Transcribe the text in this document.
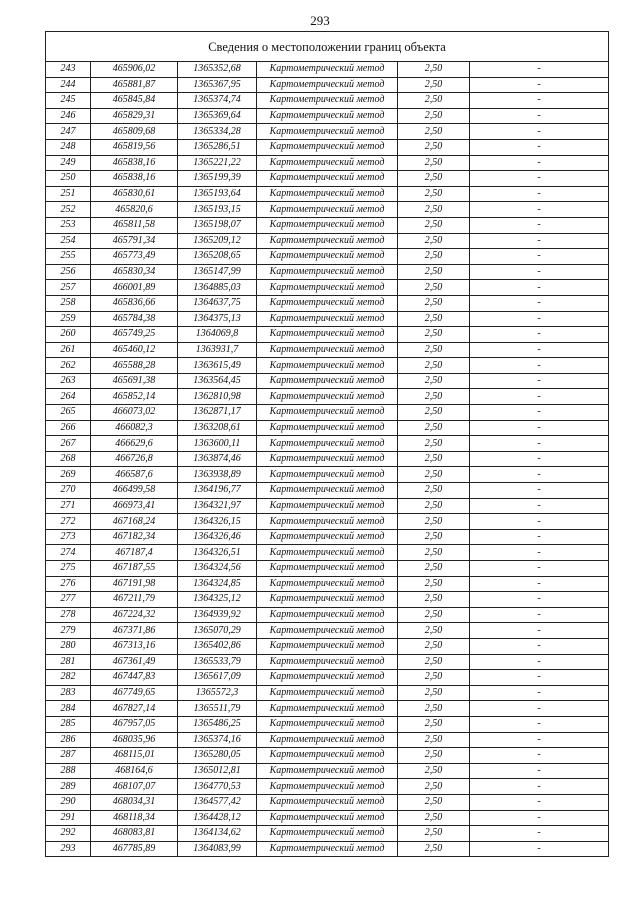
293
Сведения о местоположении границ объекта					
243	465906,02	1365352,68	Картометрический метод	2,50	-
244	465881,87	1365367,95	Картометрический метод	2,50	-
245	465845,84	1365374,74	Картометрический метод	2,50	-
246	465829,31	1365369,64	Картометрический метод	2,50	-
247	465809,68	1365334,28	Картометрический метод	2,50	-
248	465819,56	1365286,51	Картометрический метод	2,50	-
249	465838,16	1365221,22	Картометрический метод	2,50	-
250	465838,16	1365199,39	Картометрический метод	2,50	-
251	465830,61	1365193,64	Картометрический метод	2,50	-
252	465820,6	1365193,15	Картометрический метод	2,50	-
253	465811,58	1365198,07	Картометрический метод	2,50	-
254	465791,34	1365209,12	Картометрический метод	2,50	-
255	465773,49	1365208,65	Картометрический метод	2,50	-
256	465830,34	1365147,99	Картометрический метод	2,50	-
257	466001,89	1364885,03	Картометрический метод	2,50	-
258	465836,66	1364637,75	Картометрический метод	2,50	-
259	465784,38	1364375,13	Картометрический метод	2,50	-
260	465749,25	1364069,8	Картометрический метод	2,50	-
261	465460,12	1363931,7	Картометрический метод	2,50	-
262	465588,28	1363615,49	Картометрический метод	2,50	-
263	465691,38	1363564,45	Картометрический метод	2,50	-
264	465852,14	1362810,98	Картометрический метод	2,50	-
265	466073,02	1362871,17	Картометрический метод	2,50	-
266	466082,3	1363208,61	Картометрический метод	2,50	-
267	466629,6	1363600,11	Картометрический метод	2,50	-
268	466726,8	1363874,46	Картометрический метод	2,50	-
269	466587,6	1363938,89	Картометрический метод	2,50	-
270	466499,58	1364196,77	Картометрический метод	2,50	-
271	466973,41	1364321,97	Картометрический метод	2,50	-
272	467168,24	1364326,15	Картометрический метод	2,50	-
273	467182,34	1364326,46	Картометрический метод	2,50	-
274	467187,4	1364326,51	Картометрический метод	2,50	-
275	467187,55	1364324,56	Картометрический метод	2,50	-
276	467191,98	1364324,85	Картометрический метод	2,50	-
277	467211,79	1364325,12	Картометрический метод	2,50	-
278	467224,32	1364939,92	Картометрический метод	2,50	-
279	467371,86	1365070,29	Картометрический метод	2,50	-
280	467313,16	1365402,86	Картометрический метод	2,50	-
281	467361,49	1365533,79	Картометрический метод	2,50	-
282	467447,83	1365617,09	Картометрический метод	2,50	-
283	467749,65	1365572,3	Картометрический метод	2,50	-
284	467827,14	1365511,79	Картометрический метод	2,50	-
285	467957,05	1365486,25	Картометрический метод	2,50	-
286	468035,96	1365374,16	Картометрический метод	2,50	-
287	468115,01	1365280,05	Картометрический метод	2,50	-
288	468164,6	1365012,81	Картометрический метод	2,50	-
289	468107,07	1364770,53	Картометрический метод	2,50	-
290	468034,31	1364577,42	Картометрический метод	2,50	-
291	468118,34	1364428,12	Картометрический метод	2,50	-
292	468083,81	1364134,62	Картометрический метод	2,50	-
293	467785,89	1364083,99	Картометрический метод	2,50	-
